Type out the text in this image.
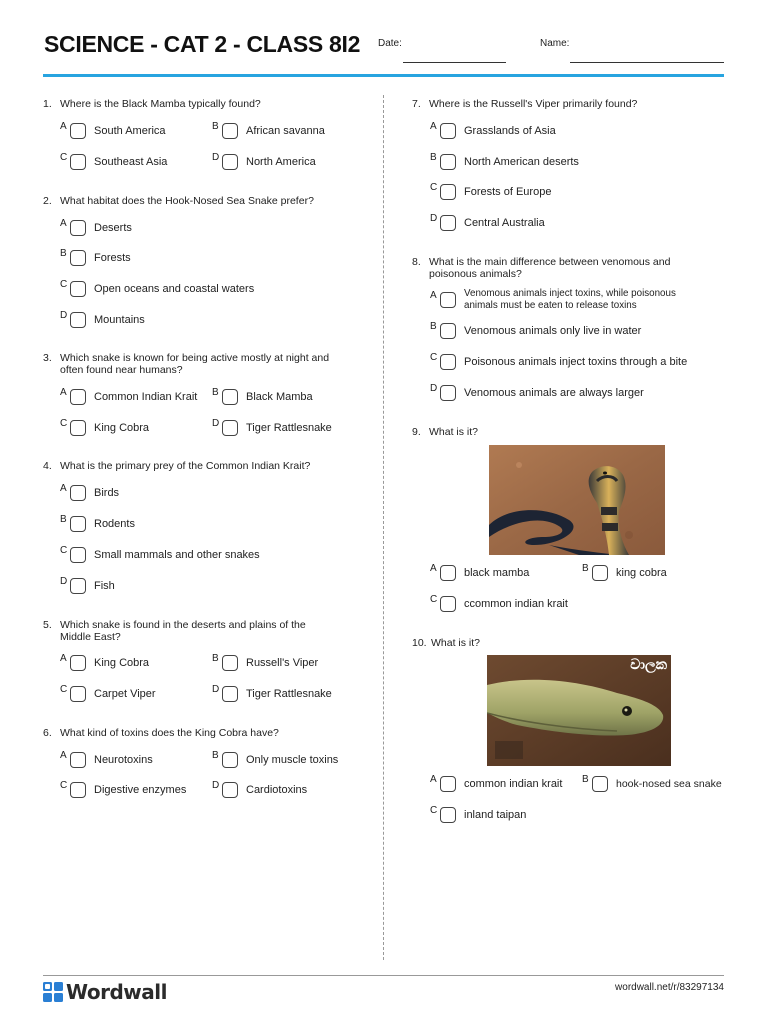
SCIENCE - CAT 2 - CLASS 8I2 Date:	Name:
1. Where is the Black Mamba typically found?
A South America	B African savanna
C Southeast Asia	D North America
2. What habitat does the Hook-Nosed Sea Snake prefer?
A Deserts
B Forests
C Open oceans and coastal waters
D Mountains
3. Which snake is known for being active mostly at night and often found near humans?
A Common Indian Krait B Black Mamba
C King Cobra	D Tiger Rattlesnake
4. What is the primary prey of the Common Indian Krait?
A Birds
B Rodents
C Small mammals and other snakes
D Fish
5. Which snake is found in the deserts and plains of the Middle East?
A King Cobra	B Russell's Viper
C Carpet Viper	D Tiger Rattlesnake
6. What kind of toxins does the King Cobra have?
A Neurotoxins	B Only muscle toxins
C Digestive enzymes	D Cardiotoxins
7. Where is the Russell's Viper primarily found?
A Grasslands of Asia
B North American deserts
C Forests of Europe
D Central Australia
8. What is the main difference between venomous and poisonous animals?
A	Venomous animals inject toxins, while poisonous animals must be eaten to release toxins
B Venomous animals only live in water
C Poisonous animals inject toxins through a bite
D Venomous animals are always larger
9. What is it?
A black mamba	B king cobra
C ccommon indian krait
10. What is it?
වාලක
A common indian krait B	hook-nosed sea snake
C inland taipan
Wordwall	wordwall.net/r/83297134
